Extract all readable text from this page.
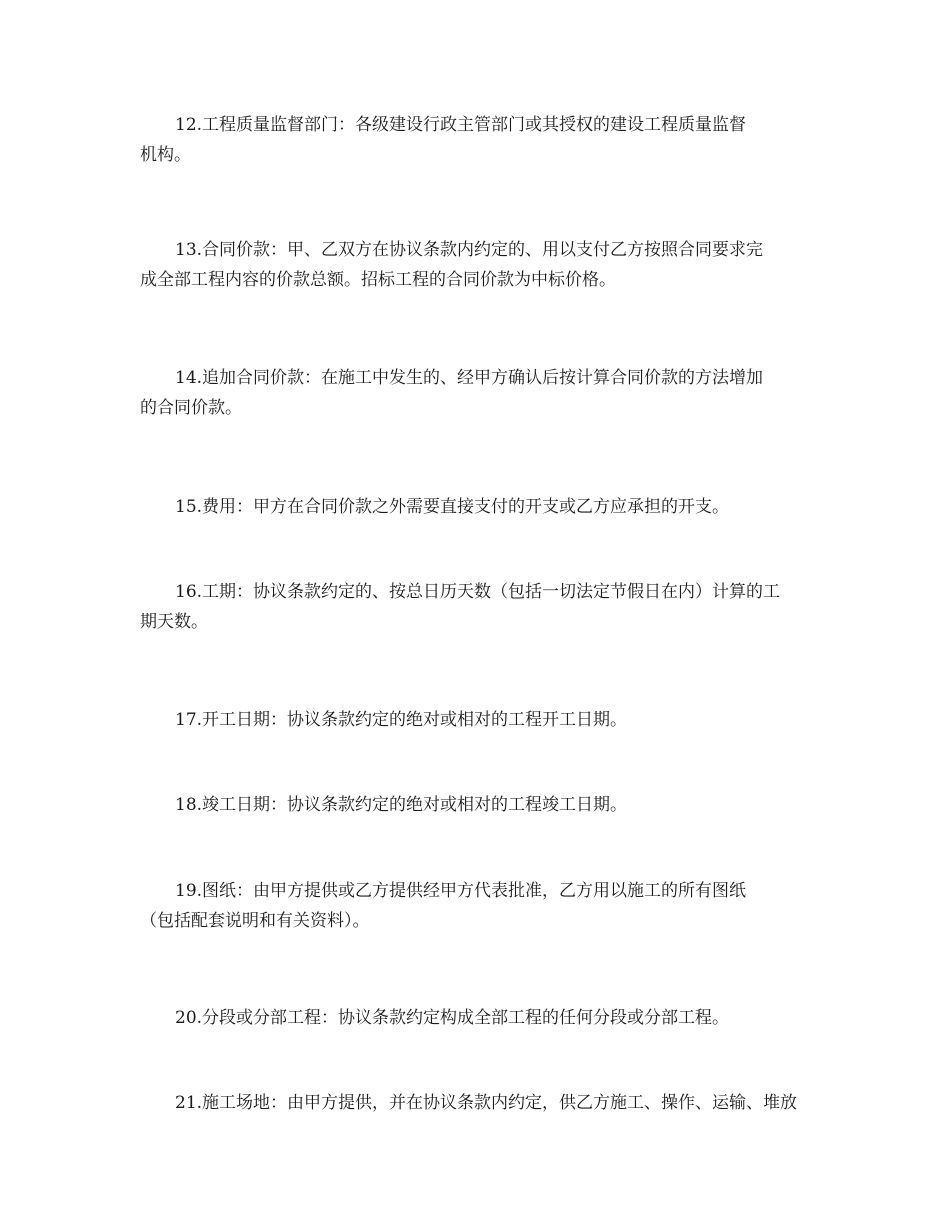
12.工程质量监督部门：各级建设行政主管部门或其授权的建设工程质量监督
机构。
13.合同价款：甲、乙双方在协议条款内约定的、用以支付乙方按照合同要求完
成全部工程内容的价款总额。招标工程的合同价款为中标价格。
14.追加合同价款：在施工中发生的、经甲方确认后按计算合同价款的方法增加
的合同价款。
15.费用：甲方在合同价款之外需要直接支付的开支或乙方应承担的开支。
16.工期：协议条款约定的、按总日历天数（包括一切法定节假日在内）计算的工
期天数。
17.开工日期：协议条款约定的绝对或相对的工程开工日期。
18.竣工日期：协议条款约定的绝对或相对的工程竣工日期。
19.图纸：由甲方提供或乙方提供经甲方代表批准，乙方用以施工的所有图纸
（包括配套说明和有关资料）。
20.分段或分部工程：协议条款约定构成全部工程的任何分段或分部工程。
21.施工场地：由甲方提供，并在协议条款内约定，供乙方施工、操作、运输、堆放
